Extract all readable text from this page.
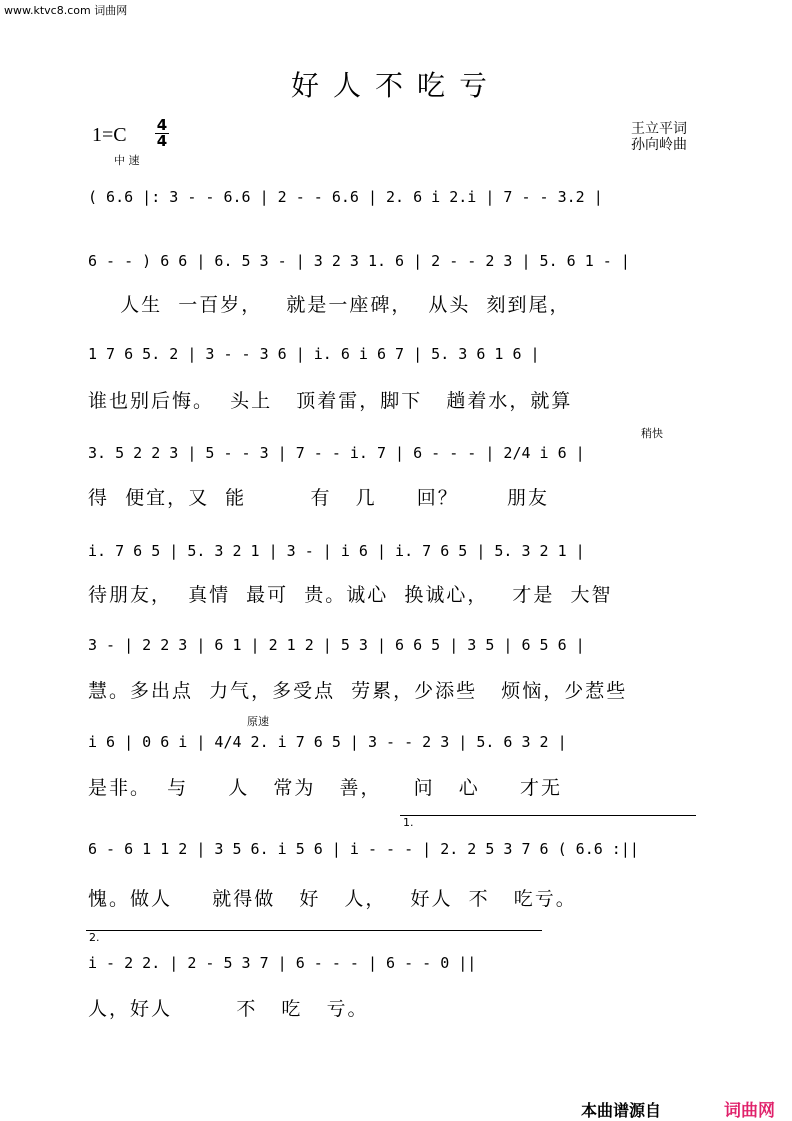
www.ktvc8.com 词曲网
好人不吃亏
1=C 4
4
中 速
王立平词
孙向岭曲
( 6.6 |: 3 - - 6.6 | 2 - - 6.6 | 2. 6 i 2.i | 7 - - 3.2 |
6 - - ) 6 6 | 6. 5 3 - | 3 2 3 1. 6 | 2 - - 2 3 | 5. 6 1 - |
人生  一百岁，   就是一座碑，  从头  刻到尾，
1 7 6 5. 2 | 3 - - 3 6 | i. 6 i 6 7 | 5. 3 6 1 6 |
谁也别后悔。  头上   顶着雷，脚下   趟着水，就算
稍快
3. 5 2 2 3 | 5 - - 3 | 7 - - i. 7 | 6 - - - | 2/4 i 6 |
得  便宜，又  能        有   几     回？      朋友
i. 7 6 5 | 5. 3 2 1 | 3 - | i 6 | i. 7 6 5 | 5. 3 2 1 |
待朋友，  真情  最可  贵。诚心  换诚心，   才是  大智
3 - | 2 2 3 | 6 1 | 2 1 2 | 5 3 | 6 6 5 | 3 5 | 6 5 6 |
慧。多出点  力气，多受点  劳累，少添些   烦恼，少惹些
原速
i 6 | 0 6 i | 4/4 2. i 7 6 5 | 3 - - 2 3 | 5. 6 3 2 |
是非。  与     人   常为   善，    问   心     才无
1.
6 - 6 1 1 2 | 3 5 6. i 5 6 | i - - - | 2. 2 5 3 7 6 ( 6.6 :||
愧。做人     就得做   好   人，   好人  不   吃亏。
2.
i - 2 2. | 2 - 5 3 7 | 6 - - - | 6 - - 0 ||
人，好人        不   吃   亏。
本曲谱源自	词曲网
